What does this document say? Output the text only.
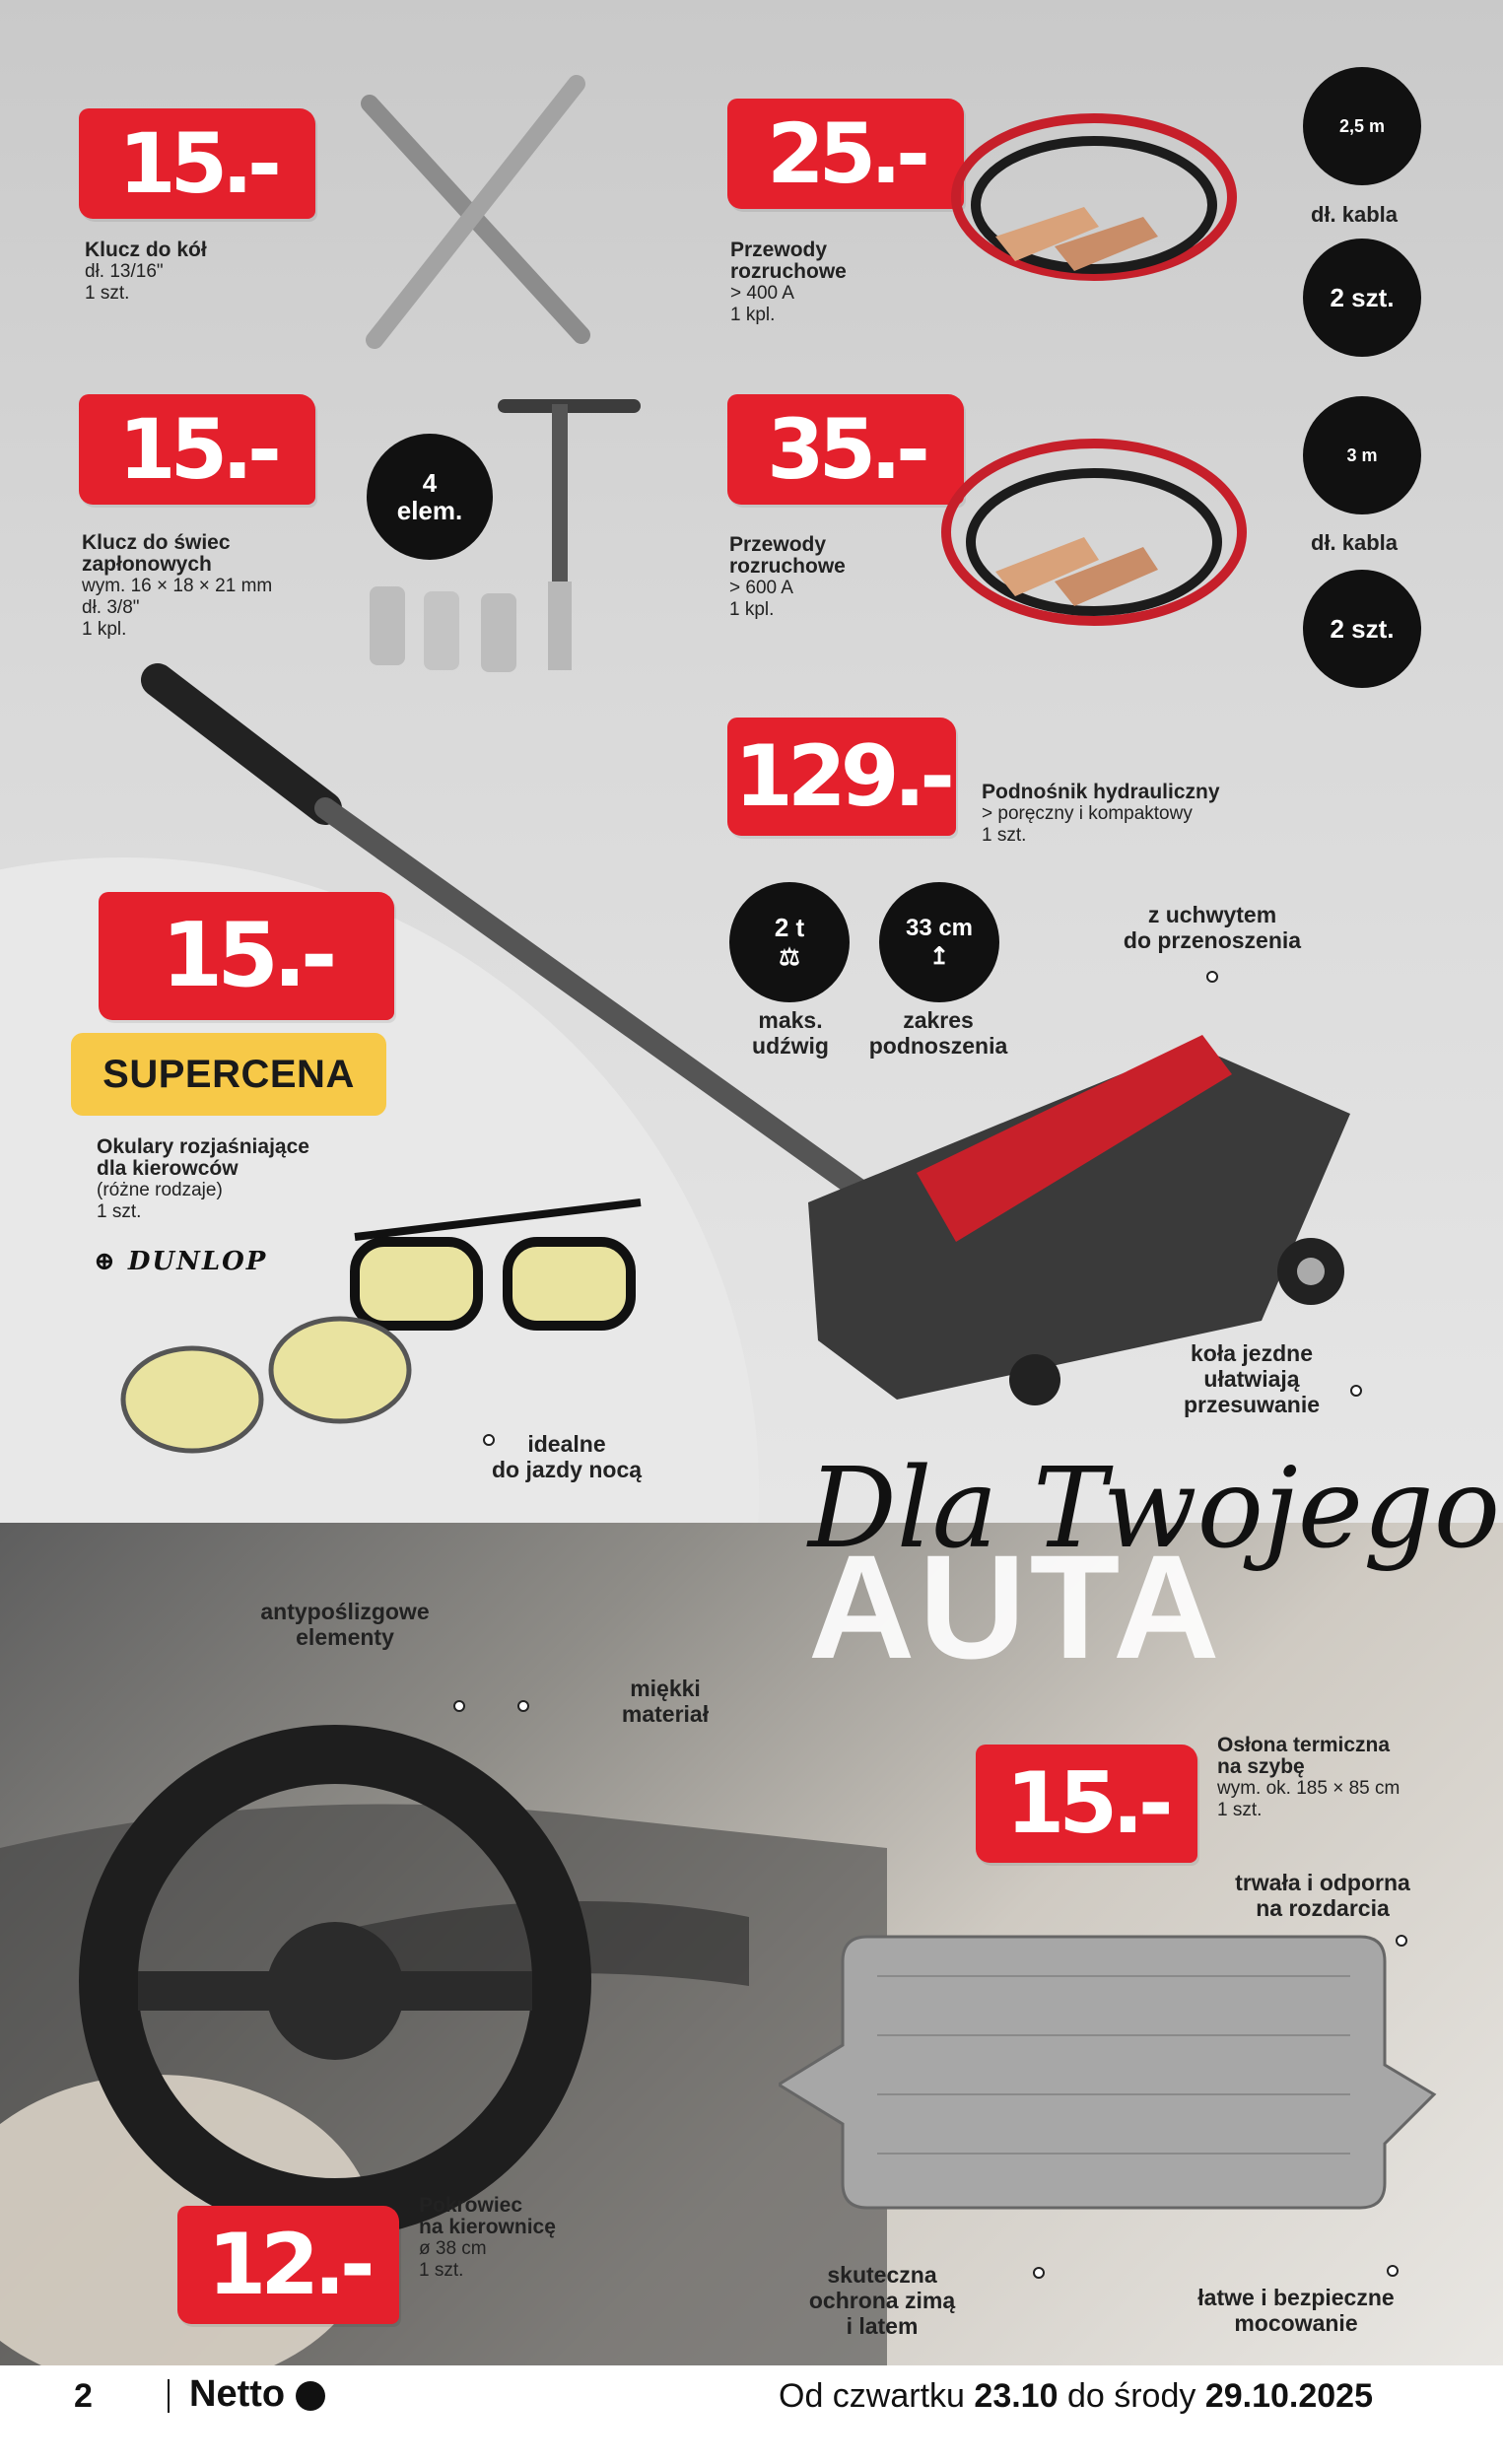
15.-
Klucz do kół
dł. 13/16"
1 szt.
25.-
Przewody
rozruchowe
> 400 A
1 kpl.
2,5 m
dł. kabla
2 szt.
15.-
Klucz do świec
zapłonowych
wym. 16 × 18 × 21 mm
dł. 3/8"
1 kpl.
4
elem.
35.-
Przewody
rozruchowe
> 600 A
1 kpl.
3 m
dł. kabla
2 szt.
129.- Podnośnik hydrauliczny
> poręczny i kompaktowy
1 szt.
2 t
⚖
maks.
udźwig
33 cm
↥
zakres
podnoszenia
z uchwytem
do przenoszenia
koła jezdne
ułatwiają
przesuwanie
15.-
SUPERCENA
Okulary rozjaśniające
dla kierowców
(różne rodzaje)
1 szt.
⊕ DUNLOP
idealne
do jazdy nocą Dla Twojego
AUTA
antypoślizgowe
elementy
miękki
materiał
12.-
Pokrowiec
na kierownicę
ø 38 cm
1 szt.
15.-
Osłona termiczna
na szybę
wym. ok. 185 × 85 cm
1 szt.
trwała i odporna
na rozdarcia
skuteczna
ochrona zimą
i latem
łatwe i bezpieczne
mocowanie
2	Netto	Od czwartku 23.10 do środy 29.10.2025
